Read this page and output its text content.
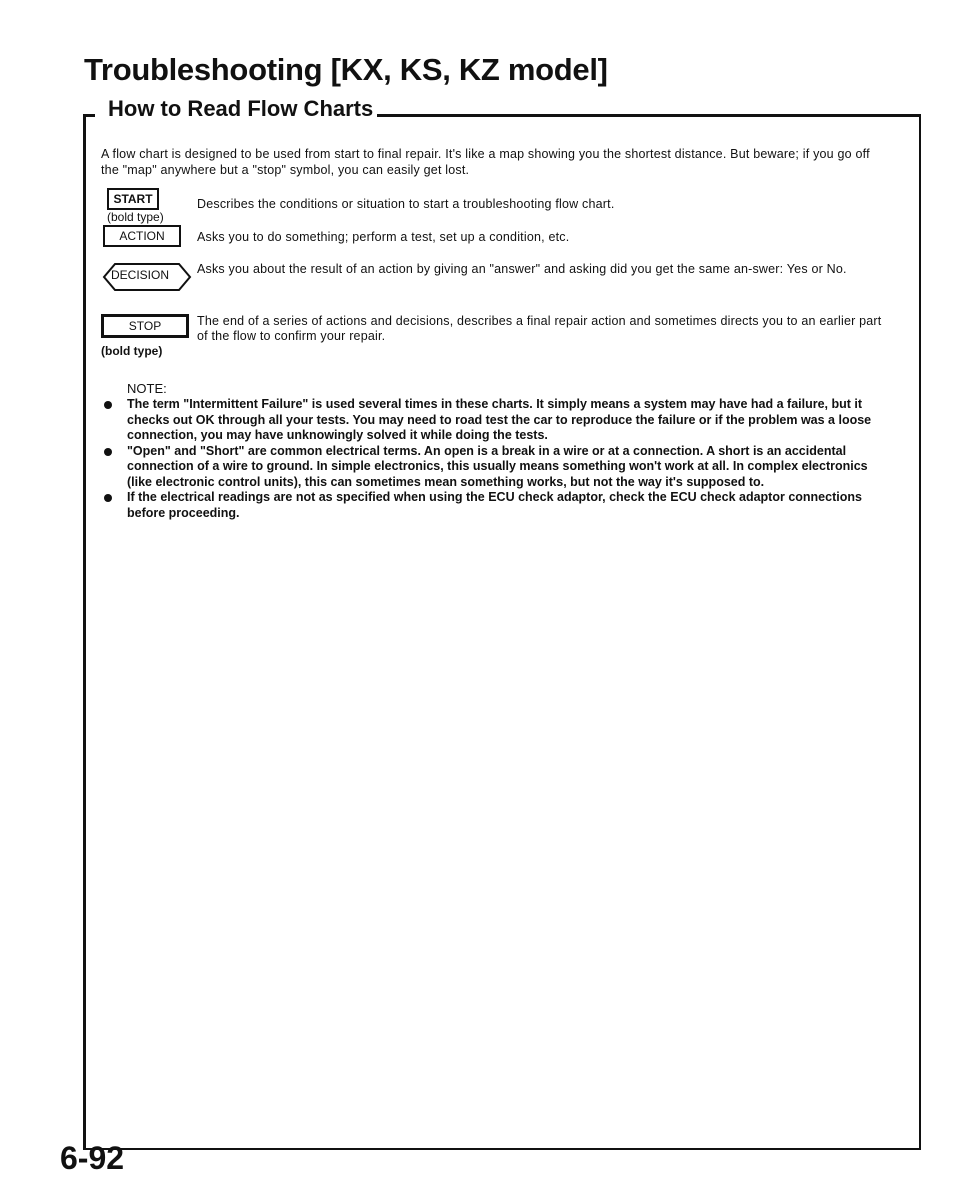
Troubleshooting [KX, KS, KZ model]
How to Read Flow Charts
A flow chart is designed to be used from start to final repair. It's like a map showing you the shortest distance. But beware; if you go off the "map" anywhere but a "stop" symbol, you can easily get lost.
START
(bold type)
Describes the conditions or situation to start a troubleshooting flow chart.
ACTION	Asks you to do something; perform a test, set up a condition, etc.
DECISION Asks you about the result of an action by giving an "answer" and asking did you get the same an-swer: Yes or No.
STOP
(bold type)
The end of a series of actions and decisions, describes a final repair action and sometimes directs you to an earlier part of the flow to confirm your repair.
NOTE:
The term "Intermittent Failure" is used several times in these charts. It simply means a system may have had a failure, but it checks out OK through all your tests. You may need to road test the car to reproduce the failure or if the problem was a loose connection, you may have unknowingly solved it while doing the tests.
"Open" and "Short" are common electrical terms. An open is a break in a wire or at a connection. A short is an accidental connection of a wire to ground. In simple electronics, this usually means something won't work at all. In complex electronics (like electronic control units), this can sometimes mean something works, but not the way it's supposed to.
If the electrical readings are not as specified when using the ECU check adaptor, check the ECU check adaptor connections before proceeding.
6-92
